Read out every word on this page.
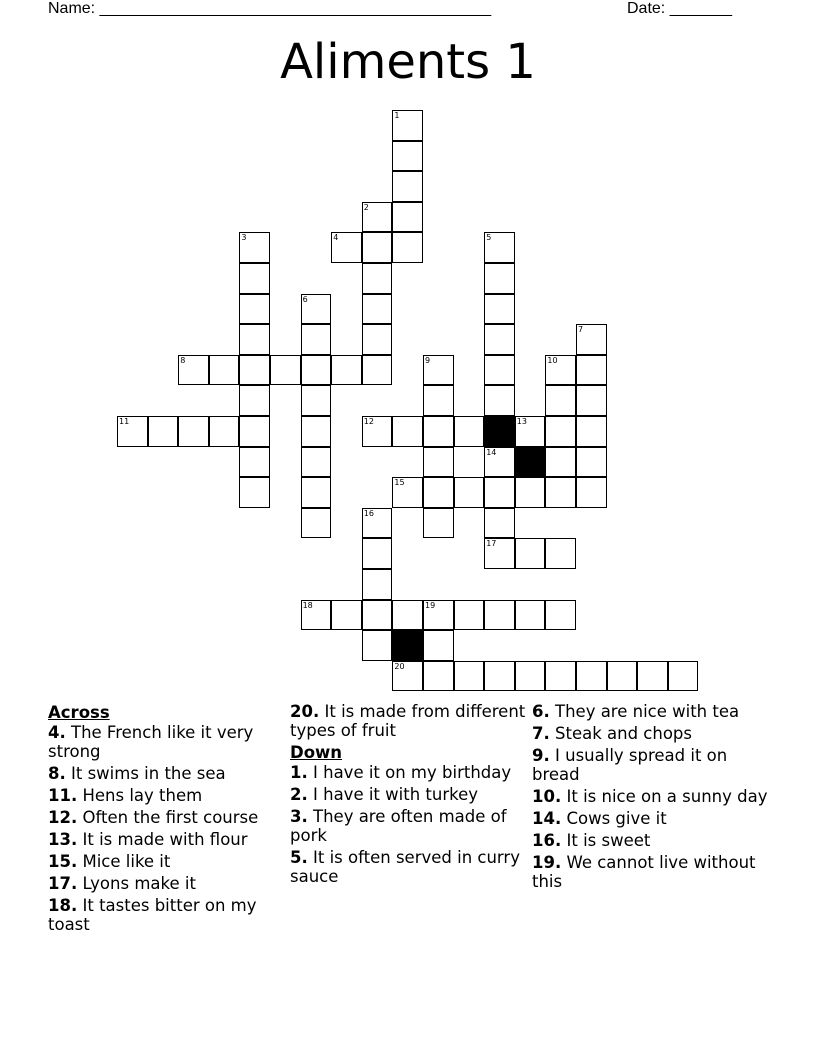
Name: ____________________________________________	Date: _______
Aliments 1
1
2
3	4	5
6
7
8	9	10
11	12	13
14
15
16
17
18	19
20
Across
4. The French like it very strong
8. It swims in the sea
11. Hens lay them
12. Often the first course
13. It is made with flour
15. Mice like it
17. Lyons make it
18. It tastes bitter on my toast
20. It is made from different types of fruit
Down
1. I have it on my birthday
2. I have it with turkey
3. They are often made of pork
5. It is often served in curry sauce
6. They are nice with tea
7. Steak and chops
9. I usually spread it on bread
10. It is nice on a sunny day
14. Cows give it
16. It is sweet
19. We cannot live without this
